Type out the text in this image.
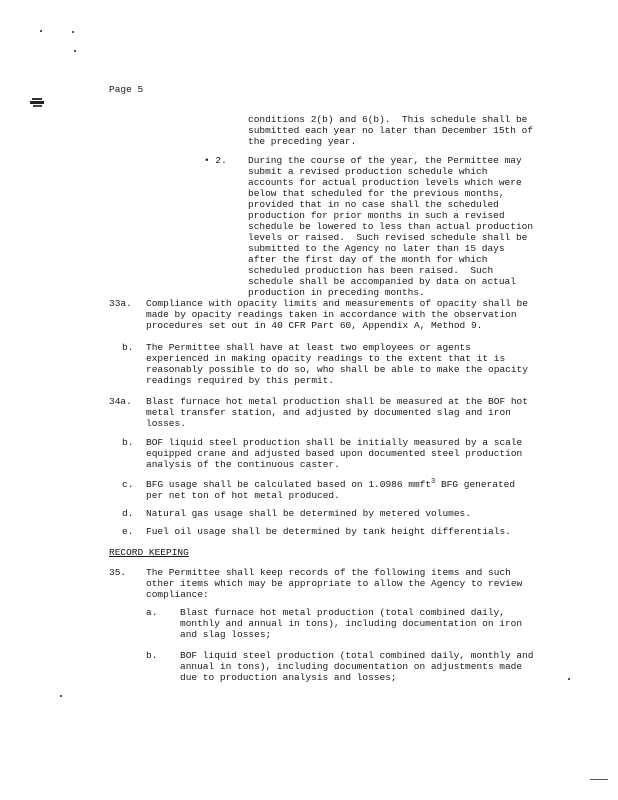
Page 5
conditions 2(b) and 6(b).  This schedule shall be
submitted each year no later than December 15th of
the preceding year.
• 2. During the course of the year, the Permittee may
submit a revised production schedule which
accounts for actual production levels which were
below that scheduled for the previous months,
provided that in no case shall the scheduled
production for prior months in such a revised
schedule be lowered to less than actual production
levels or raised.  Such revised schedule shall be
submitted to the Agency no later than 15 days
after the first day of the month for which
scheduled production has been raised.  Such
schedule shall be accompanied by data on actual
production in preceding months.
33a. Compliance with opacity limits and measurements of opacity shall be
made by opacity readings taken in accordance with the observation
procedures set out in 40 CFR Part 60, Appendix A, Method 9.
b. The Permittee shall have at least two employees or agents
experienced in making opacity readings to the extent that it is
reasonably possible to do so, who shall be able to make the opacity
readings required by this permit.
34a. Blast furnace hot metal production shall be measured at the BOF hot
metal transfer station, and adjusted by documented slag and iron
losses.
b. BOF liquid steel production shall be initially measured by a scale
equipped crane and adjusted based upon documented steel production
analysis of the continuous caster.
c. BFG usage shall be calculated based on 1.0986 mmft$^3$ BFG generated
per net ton of hot metal produced.
d. Natural gas usage shall be determined by metered volumes.
e. Fuel oil usage shall be determined by tank height differentials.
RECORD KEEPING
35. The Permittee shall keep records of the following items and such
other items which may be appropriate to allow the Agency to review
compliance:
a. Blast furnace hot metal production (total combined daily,
monthly and annual in tons), including documentation on iron
and slag losses;
b. BOF liquid steel production (total combined daily, monthly and
annual in tons), including documentation on adjustments made
due to production analysis and losses;
